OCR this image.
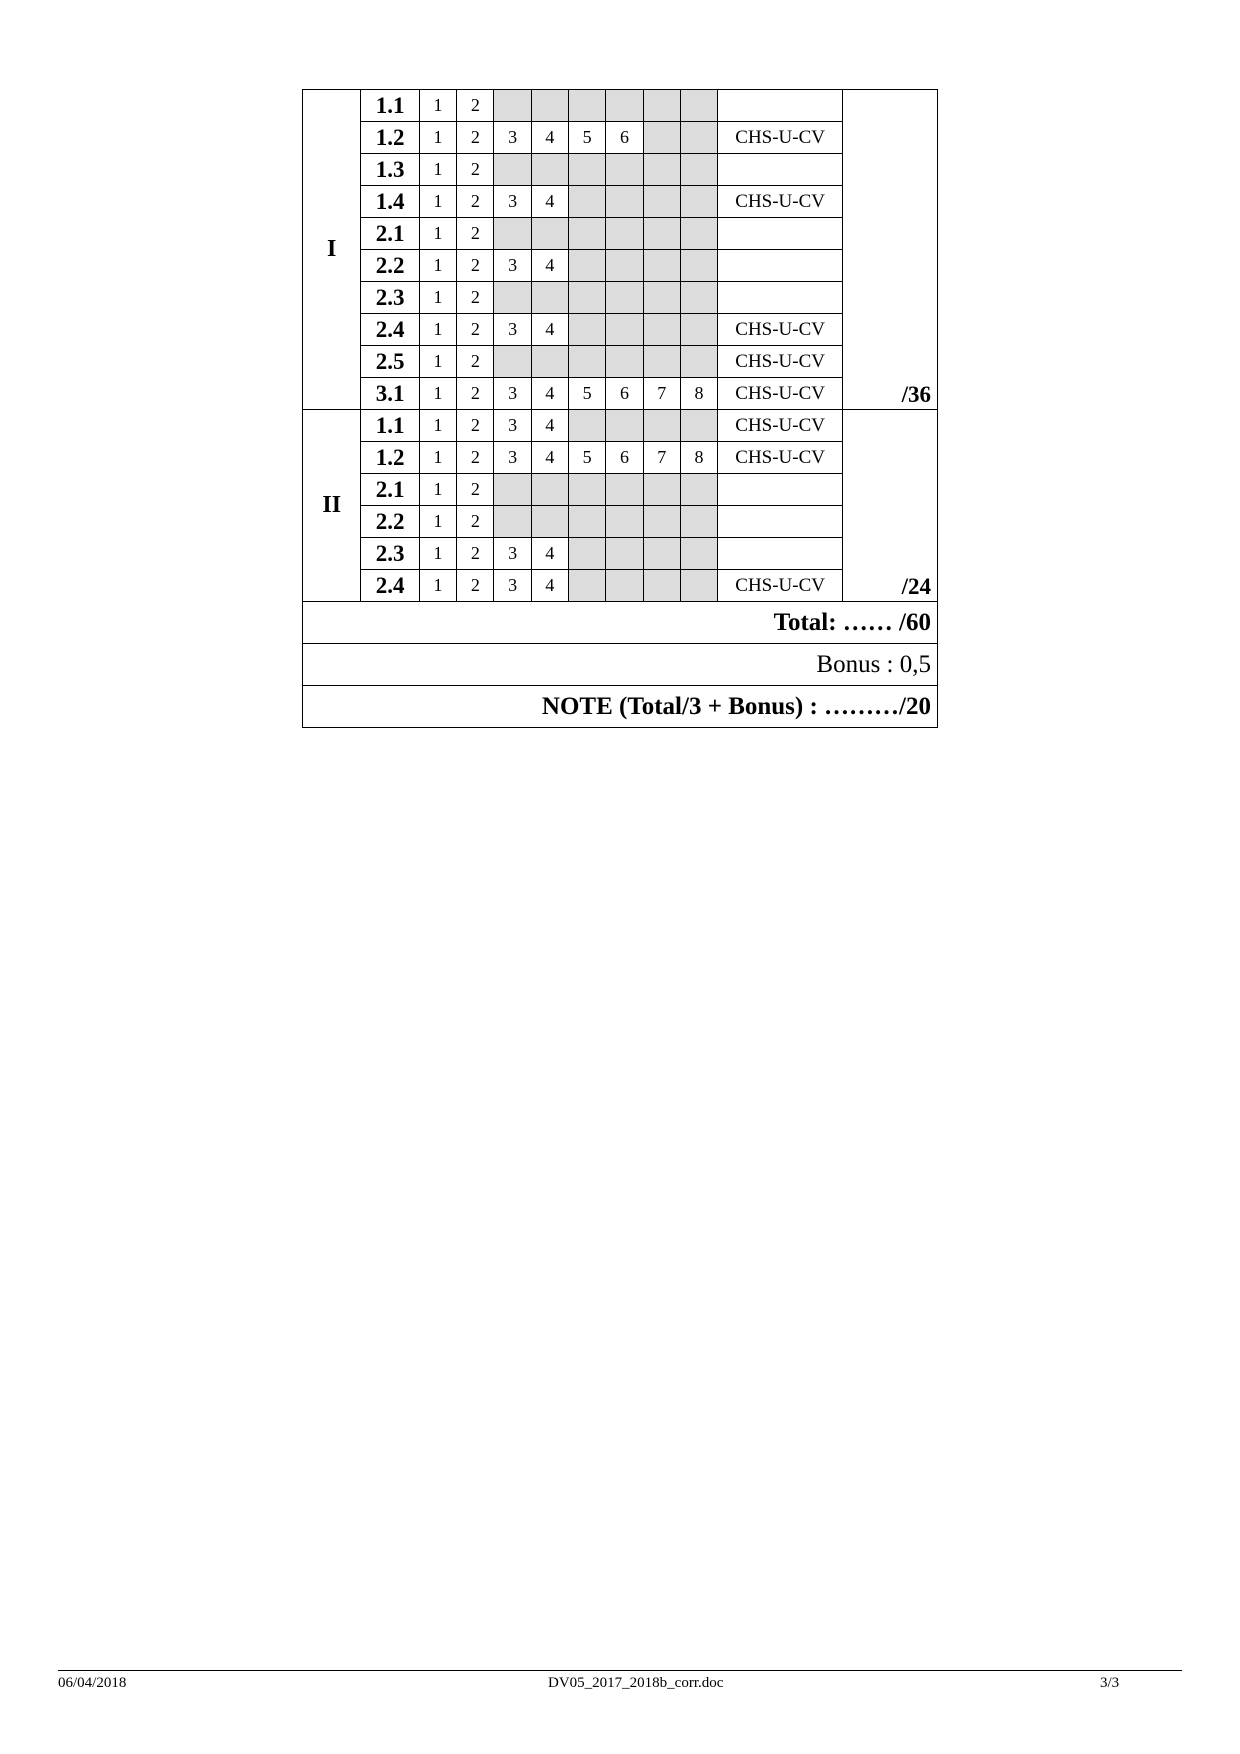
I	1.1	1	2								/36
	1.2	1	2	3	4	5	6			CHS-U-CV	
	1.3	1	2								
	1.4	1	2	3	4					CHS-U-CV	
	2.1	1	2								
	2.2	1	2	3	4						
	2.3	1	2								
	2.4	1	2	3	4					CHS-U-CV	
	2.5	1	2							CHS-U-CV	
	3.1	1	2	3	4	5	6	7	8	CHS-U-CV	
II	1.1	1	2	3	4					CHS-U-CV	/24
	1.2	1	2	3	4	5	6	7	8	CHS-U-CV	
	2.1	1	2								
	2.2	1	2								
	2.3	1	2	3	4						
	2.4	1	2	3	4					CHS-U-CV	
Total: …… /60											
Bonus : 0,5											
NOTE (Total/3 + Bonus) : ………/20											
06/04/2018	DV05_2017_2018b_corr.doc	3/3
